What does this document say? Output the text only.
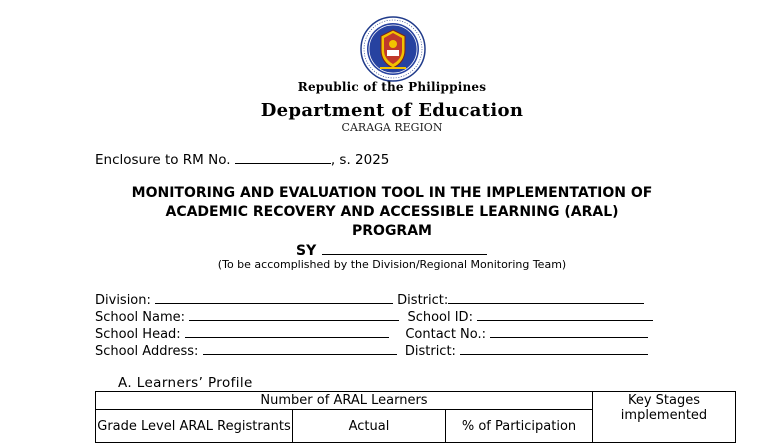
Republic of the Philippines
Department of Education
CARAGA REGION
Enclosure to RM No.	, s. 2025
MONITORING AND EVALUATION TOOL IN THE IMPLEMENTATION OF
ACADEMIC RECOVERY AND ACCESSIBLE LEARNING (ARAL)
PROGRAM
SY
(To be accomplished by the Division/Regional Monitoring Team)
Division:	District:
School Name:	School ID:
School Head:	Contact No.:
School Address:	District:
A. Learners’ Profile
Number of ARAL Learners			Key Stages implemented
Grade Level ARAL Registrants	Actual	% of Participation	
